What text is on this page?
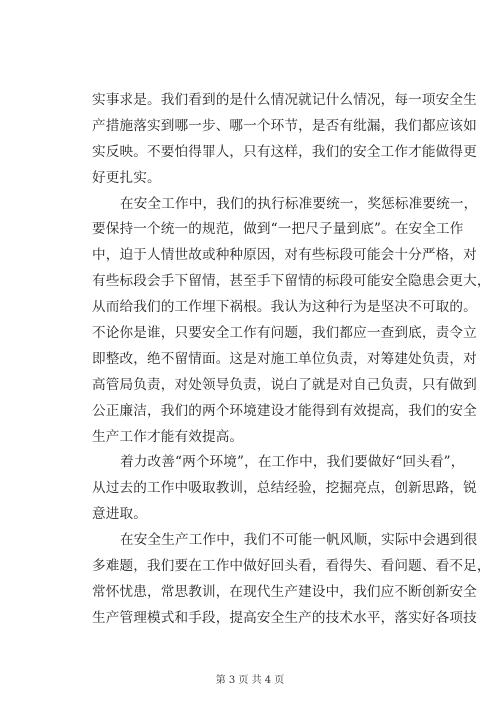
实事求是。我们看到的是什么情况就记什么情况，每一项安全生
产措施落实到哪一步、哪一个环节，是否有纰漏，我们都应该如
实反映。不要怕得罪人，只有这样，我们的安全工作才能做得更
好更扎实。
在安全工作中，我们的执行标准要统一，奖惩标准要统一，
要保持一个统一的规范，做到“一把尺子量到底”。在安全工作
中，迫于人情世故或种种原因，对有些标段可能会十分严格，对
有些标段会手下留情，甚至手下留情的标段可能安全隐患会更大，
从而给我们的工作埋下祸根。我认为这种行为是坚决不可取的。
不论你是谁，只要安全工作有问题，我们都应一查到底，责令立
即整改，绝不留情面。这是对施工单位负责，对筹建处负责，对
高管局负责，对处领导负责，说白了就是对自己负责，只有做到
公正廉洁，我们的两个环境建设才能得到有效提高，我们的安全
生产工作才能有效提高。
着力改善“两个环境”，在工作中，我们要做好“回头看”，
从过去的工作中吸取教训，总结经验，挖掘亮点，创新思路，锐
意进取。
在安全生产工作中，我们不可能一帆风顺，实际中会遇到很
多难题，我们要在工作中做好回头看，看得失、看问题、看不足，
常怀忧患，常思教训，在现代生产建设中，我们应不断创新安全
生产管理模式和手段，提高安全生产的技术水平，落实好各项技
第 3 页 共 4 页
